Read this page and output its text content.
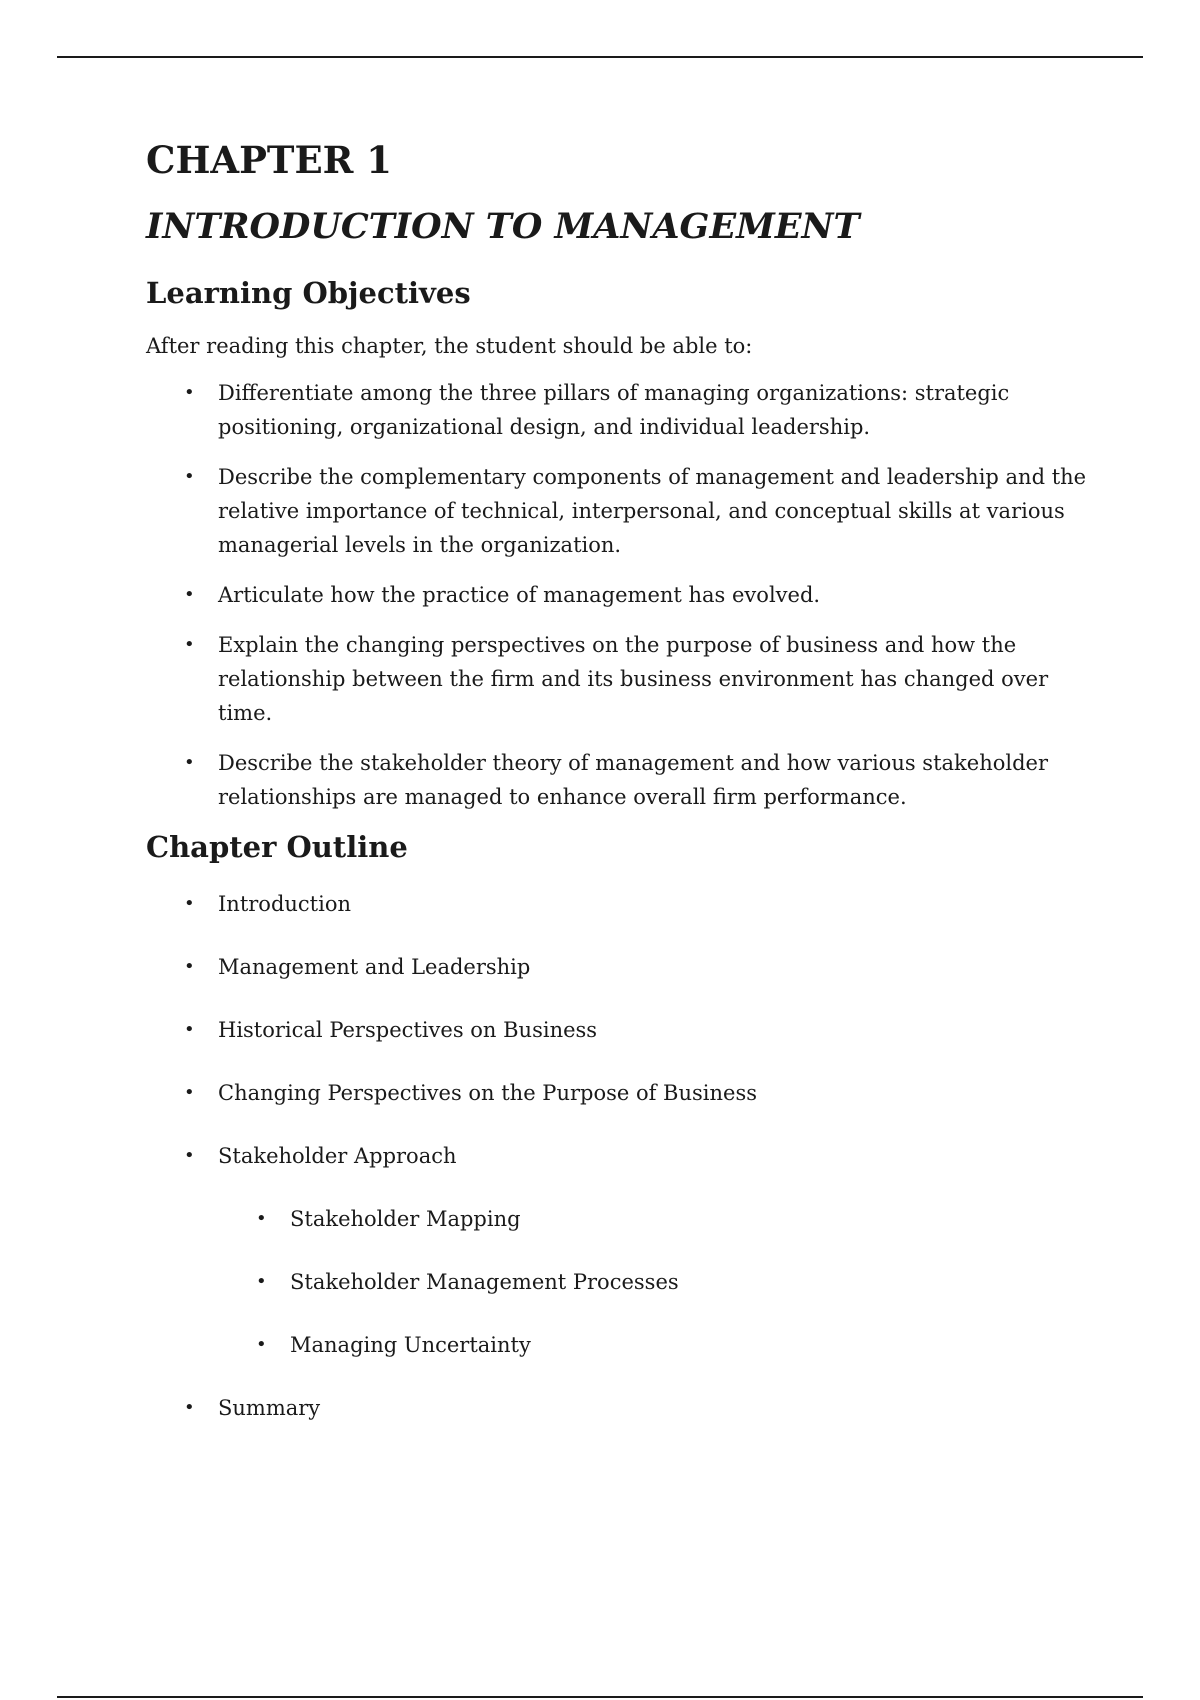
CHAPTER 1
INTRODUCTION TO MANAGEMENT
Learning Objectives

After reading this chapter, the student should be able to:

• Differentiate among the three pillars of managing organizations: strategic positioning, organizational design, and individual leadership.
• Describe the complementary components of management and leadership and the relative importance of technical, interpersonal, and conceptual skills at various managerial levels in the organization.
• Articulate how the practice of management has evolved.
• Explain the changing perspectives on the purpose of business and how the relationship between the firm and its business environment has changed over time.
• Describe the stakeholder theory of management and how various stakeholder relationships are managed to enhance overall firm performance.
Chapter Outline
• Introduction
• Management and Leadership
• Historical Perspectives on Business
• Changing Perspectives on the Purpose of Business
• Stakeholder Approach
• Stakeholder Mapping
• Stakeholder Management Processes
• Managing Uncertainty
• Summary
